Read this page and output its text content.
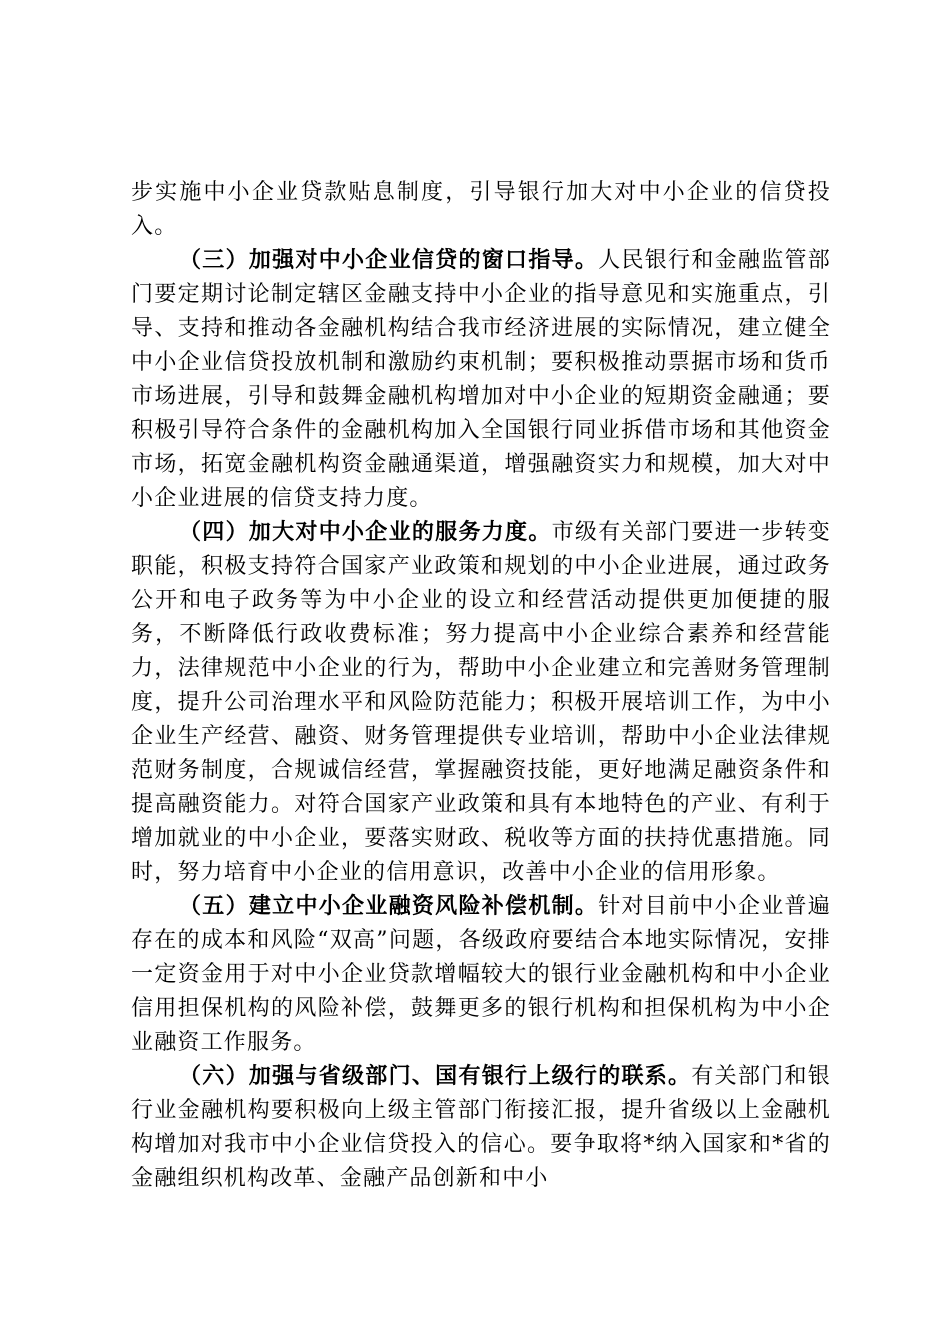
步实施中小企业贷款贴息制度，引导银行加大对中小企业的信贷投入。

（三）加强对中小企业信贷的窗口指导。人民银行和金融监管部门要定期讨论制定辖区金融支持中小企业的指导意见和实施重点，引导、支持和推动各金融机构结合我市经济进展的实际情况，建立健全中小企业信贷投放机制和激励约束机制；要积极推动票据市场和货币市场进展，引导和鼓舞金融机构增加对中小企业的短期资金融通；要积极引导符合条件的金融机构加入全国银行同业拆借市场和其他资金市场，拓宽金融机构资金融通渠道，增强融资实力和规模，加大对中小企业进展的信贷支持力度。

（四）加大对中小企业的服务力度。市级有关部门要进一步转变职能，积极支持符合国家产业政策和规划的中小企业进展，通过政务公开和电子政务等为中小企业的设立和经营活动提供更加便捷的服务，不断降低行政收费标准；努力提高中小企业综合素养和经营能力，法律规范中小企业的行为，帮助中小企业建立和完善财务管理制度，提升公司治理水平和风险防范能力；积极开展培训工作，为中小企业生产经营、融资、财务管理提供专业培训，帮助中小企业法律规范财务制度，合规诚信经营，掌握融资技能，更好地满足融资条件和提高融资能力。对符合国家产业政策和具有本地特色的产业、有利于增加就业的中小企业，要落实财政、税收等方面的扶持优惠措施。同时，努力培育中小企业的信用意识，改善中小企业的信用形象。

（五）建立中小企业融资风险补偿机制。针对目前中小企业普遍存在的成本和风险“双高”问题，各级政府要结合本地实际情况，安排一定资金用于对中小企业贷款增幅较大的银行业金融机构和中小企业信用担保机构的风险补偿，鼓舞更多的银行机构和担保机构为中小企业融资工作服务。

（六）加强与省级部门、国有银行上级行的联系。有关部门和银行业金融机构要积极向上级主管部门衔接汇报，提升省级以上金融机构增加对我市中小企业信贷投入的信心。要争取将*纳入国家和*省的金融组织机构改革、金融产品创新和中小
